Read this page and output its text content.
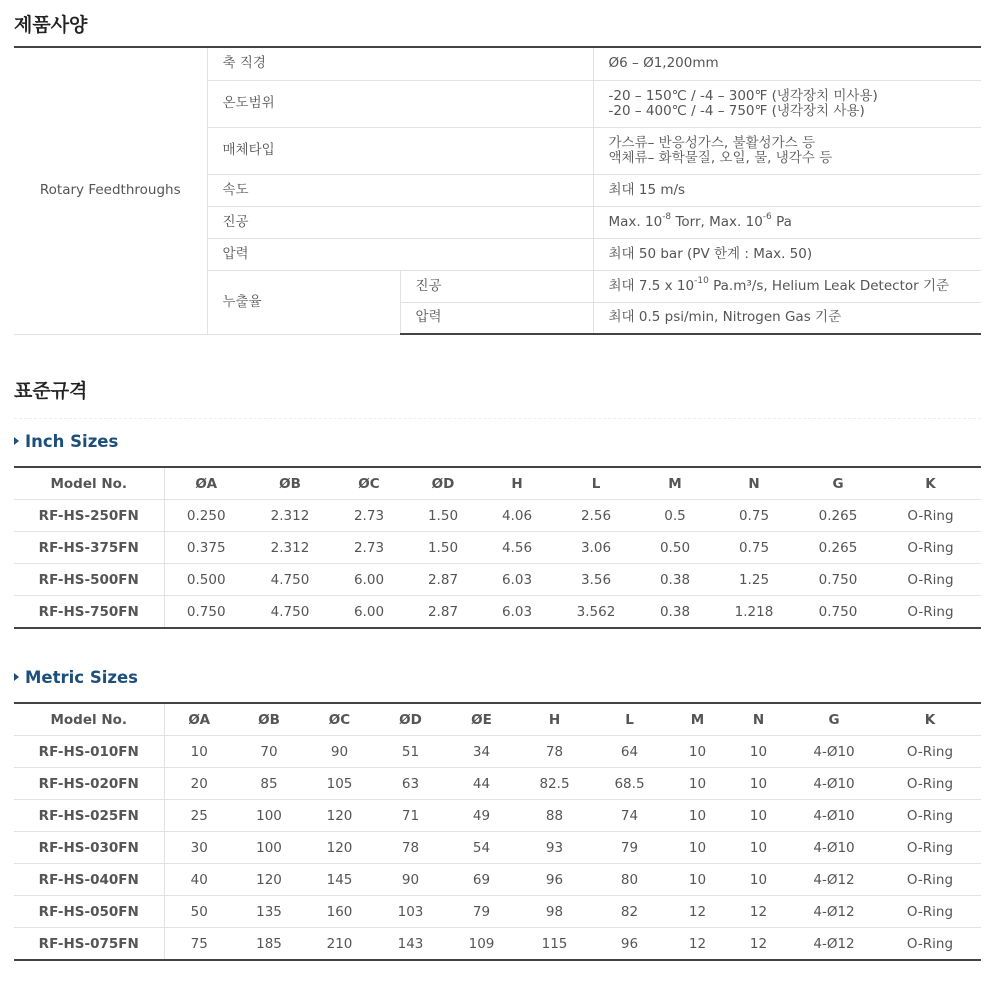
제품사양
Rotary Feedthroughs	축 직경		Ø6 – Ø1,200mm
	온도범위		-20 – 150℃ / -4 – 300℉ (냉각장치 미사용)
-20 – 400℃ / -4 – 750℉ (냉각장치 사용)

	매체타입		가스류– 반응성가스, 불활성가스 등
액체류– 화학물질, 오일, 물, 냉각수 등

	속도		최대 15 m/s
	진공		Max. $10^{-8}$ Torr, Max. $10^{-6}$ Pa
	압력		최대 50 bar (PV 한계 : Max. 50)
	누출율	진공	최대 7.5 x $10^{-10}$ Pa.m³/s, Helium Leak Detector 기준
		압력	최대 0.5 psi/min, Nitrogen Gas 기준
표준규격
Inch Sizes
Model No.	ØA	ØB	ØC	ØD	H	L	M	N	G	K
RF-HS-250FN	0.250	2.312	2.73	1.50	4.06	2.56	0.5	0.75	0.265	O-Ring
RF-HS-375FN	0.375	2.312	2.73	1.50	4.56	3.06	0.50	0.75	0.265	O-Ring
RF-HS-500FN	0.500	4.750	6.00	2.87	6.03	3.56	0.38	1.25	0.750	O-Ring
RF-HS-750FN	0.750	4.750	6.00	2.87	6.03	3.562	0.38	1.218	0.750	O-Ring
Metric Sizes
Model No.	ØA	ØB	ØC	ØD	ØE	H	L	M	N	G	K
RF-HS-010FN	10	70	90	51	34	78	64	10	10	4-Ø10	O-Ring
RF-HS-020FN	20	85	105	63	44	82.5	68.5	10	10	4-Ø10	O-Ring
RF-HS-025FN	25	100	120	71	49	88	74	10	10	4-Ø10	O-Ring
RF-HS-030FN	30	100	120	78	54	93	79	10	10	4-Ø10	O-Ring
RF-HS-040FN	40	120	145	90	69	96	80	10	10	4-Ø12	O-Ring
RF-HS-050FN	50	135	160	103	79	98	82	12	12	4-Ø12	O-Ring
RF-HS-075FN	75	185	210	143	109	115	96	12	12	4-Ø12	O-Ring
